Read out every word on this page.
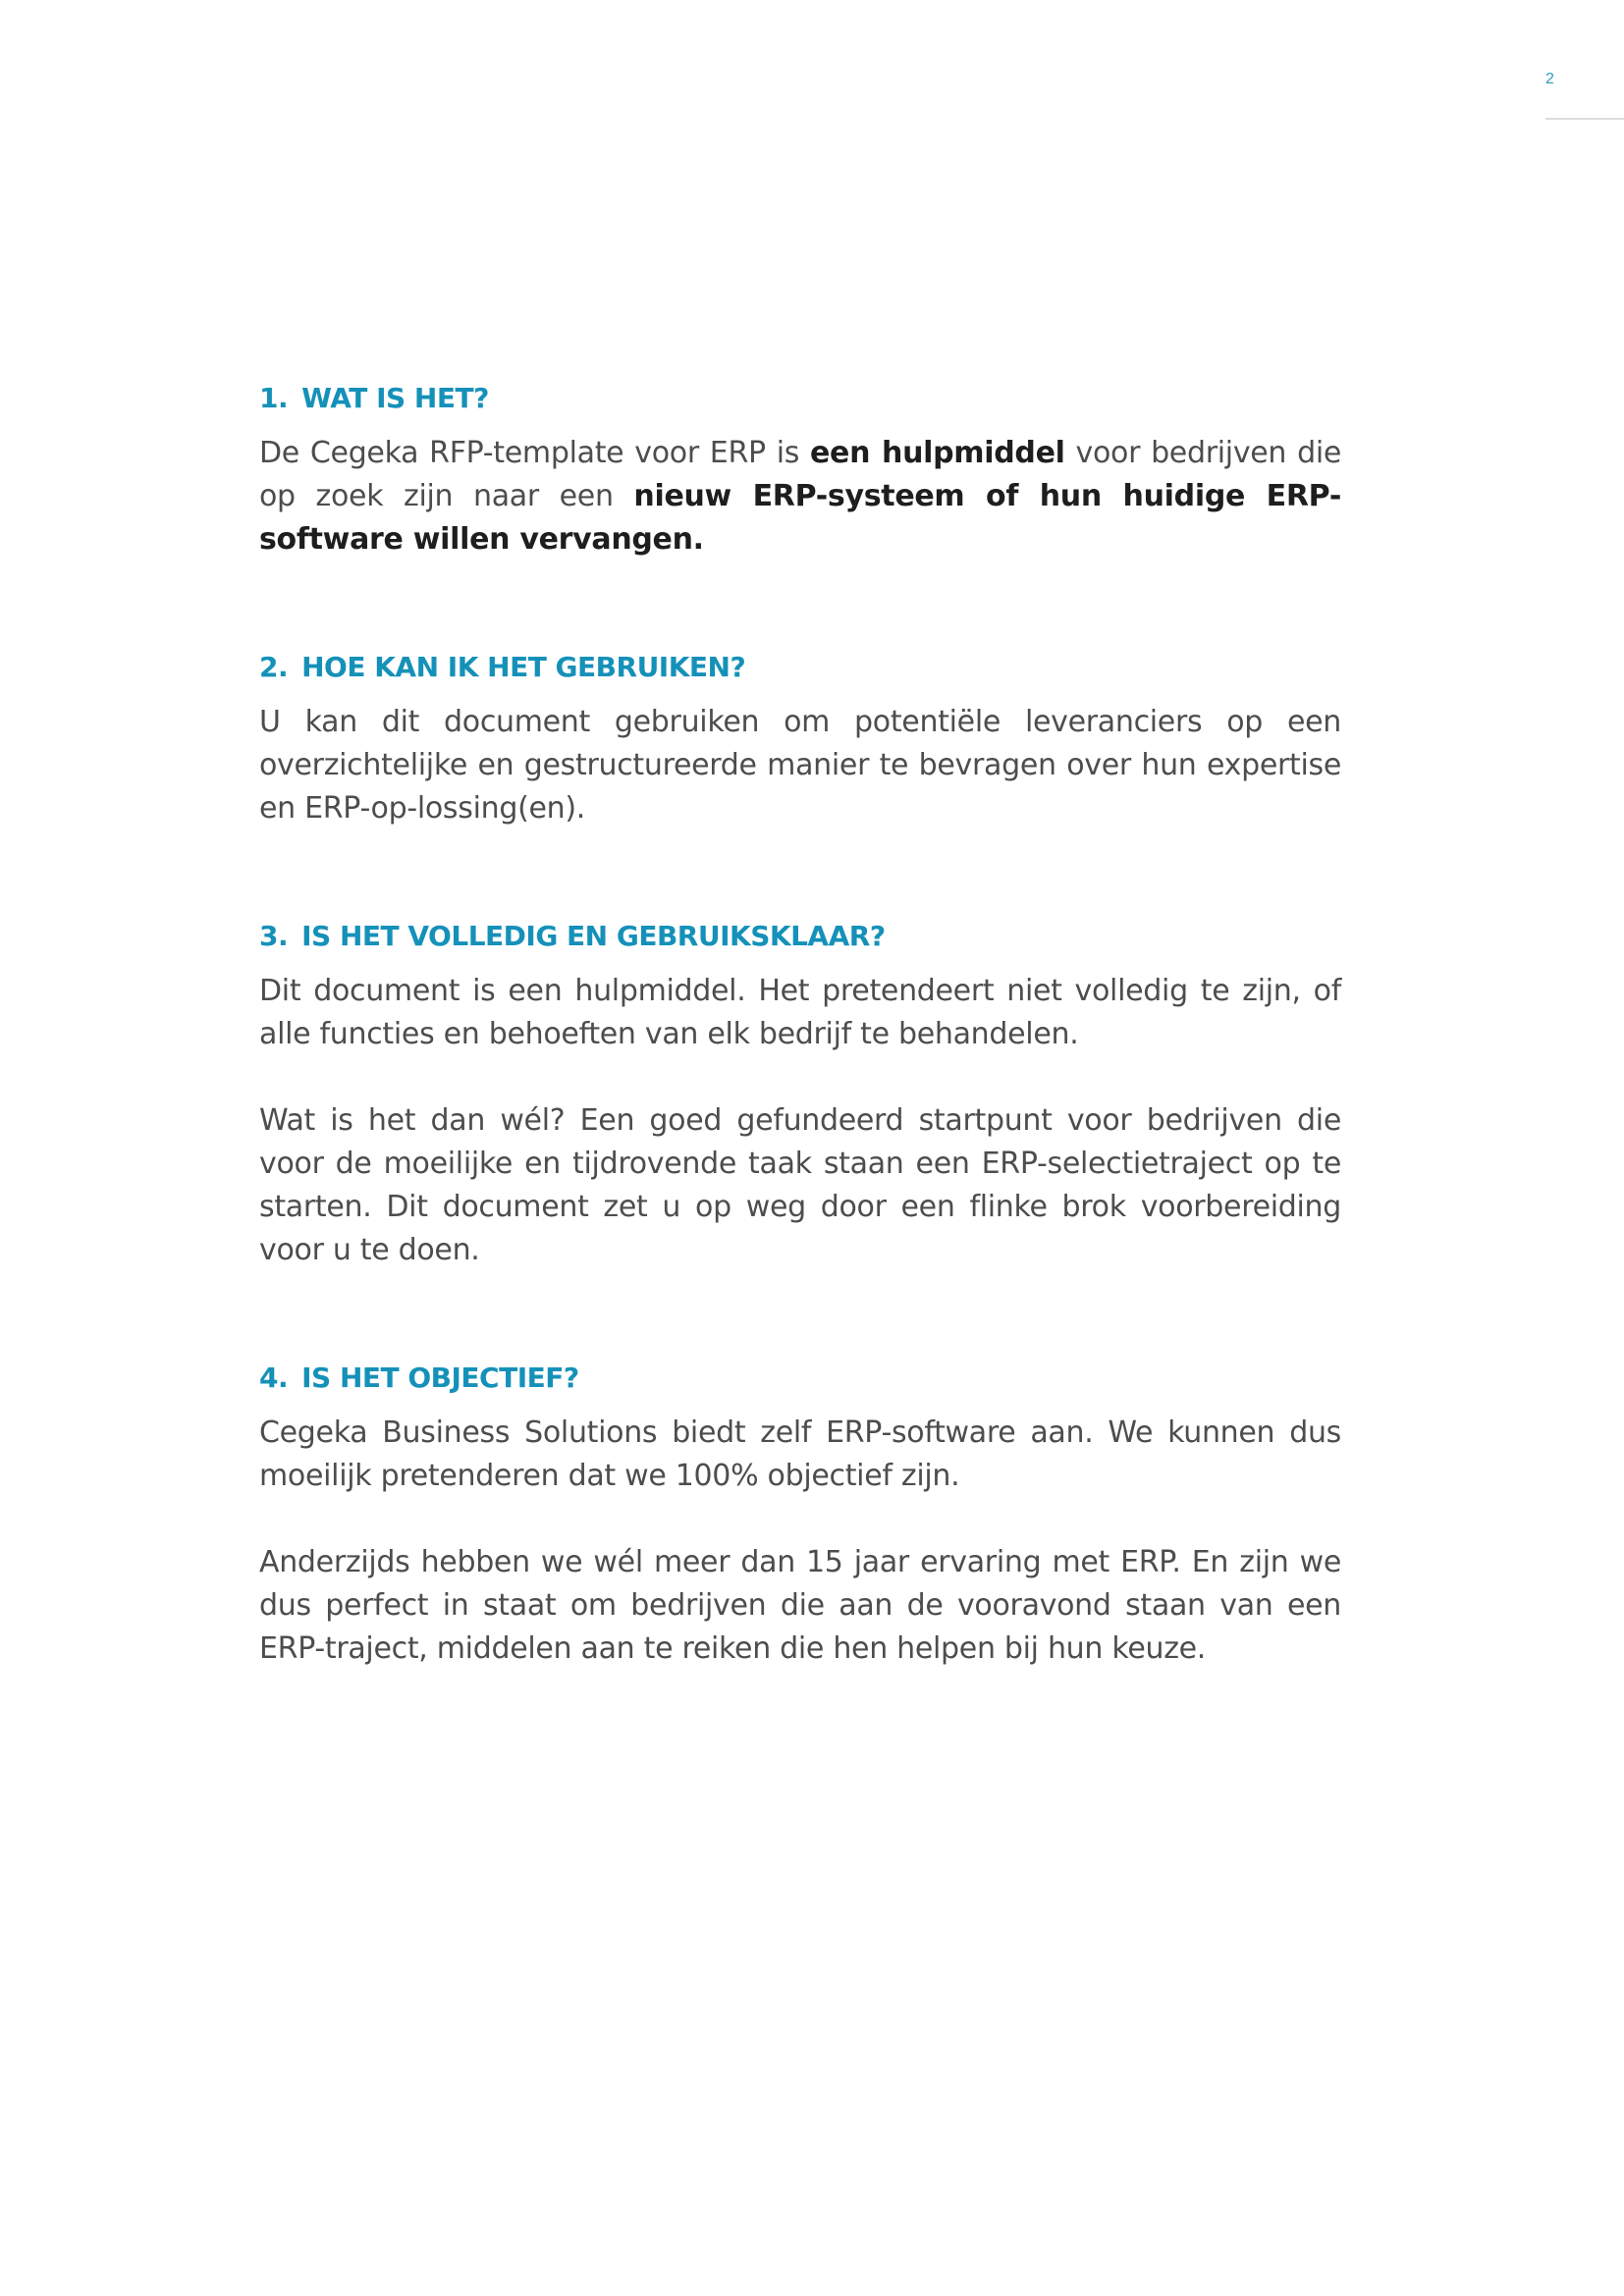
2
1. WAT IS HET?

De Cegeka RFP-template voor ERP is een hulpmiddel voor bedrijven die op zoek zijn naar een nieuw ERP-systeem of hun huidige ERP-software willen vervangen.

2. HOE KAN IK HET GEBRUIKEN?

U kan dit document gebruiken om potentiële leveranciers op een overzichtelijke en gestructureerde manier te bevragen over hun expertise en ERP-op-lossing(en).

3. IS HET VOLLEDIG EN GEBRUIKSKLAAR?

Dit document is een hulpmiddel. Het pretendeert niet volledig te zijn, of alle functies en behoeften van elk bedrijf te behandelen.

Wat is het dan wél? Een goed gefundeerd startpunt voor bedrijven die voor de moeilijke en tijdrovende taak staan een ERP-selectietraject op te starten. Dit document zet u op weg door een flinke brok voorbereiding voor u te doen.

4. IS HET OBJECTIEF?

Cegeka Business Solutions biedt zelf ERP-software aan. We kunnen dus moeilijk pretenderen dat we 100% objectief zijn.

Anderzijds hebben we wél meer dan 15 jaar ervaring met ERP. En zijn we dus perfect in staat om bedrijven die aan de vooravond staan van een ERP-traject, middelen aan te reiken die hen helpen bij hun keuze.
